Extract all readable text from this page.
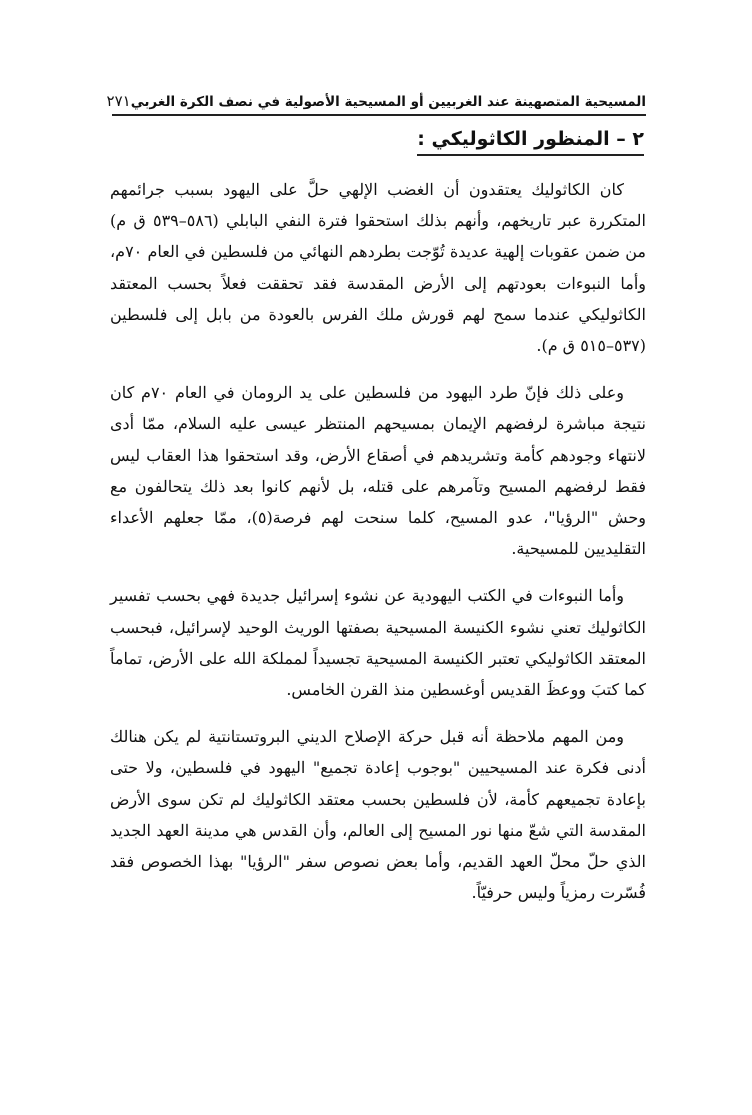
المسيحية المتصهينة عند الغربيين أو المسيحية الأصولية في نصف الكرة الغربي
٢٧١
٢ – المنظور الكاثوليكي :

كان الكاثوليك يعتقدون أن الغضب الإلهي حلَّ على اليهود بسبب جرائمهم المتكررة عبر تاريخهم، وأنهم بذلك استحقوا فترة النفي البابلي (٥٨٦–٥٣٩ ق م) من ضمن عقوبات إلهية عديدة تُوّجت بطردهم النهائي من فلسطين في العام ٧٠م، وأما النبوءات بعودتهم إلى الأرض المقدسة فقد تحققت فعلاً بحسب المعتقد الكاثوليكي عندما سمح لهم قورش ملك الفرس بالعودة من بابل إلى فلسطين (٥٣٧–٥١٥ ق م).

وعلى ذلك فإنّ طرد اليهود من فلسطين على يد الرومان في العام ٧٠م كان نتيجة مباشرة لرفضهم الإيمان بمسيحهم المنتظر عيسى عليه السلام، ممّا أدى لانتهاء وجودهم كأمة وتشريدهم في أصقاع الأرض، وقد استحقوا هذا العقاب ليس فقط لرفضهم المسيح وتآمرهم على قتله، بل لأنهم كانوا بعد ذلك يتحالفون مع وحش "الرؤيا"، عدو المسيح، كلما سنحت لهم فرصة(٥)، ممّا جعلهم الأعداء التقليديين للمسيحية.

وأما النبوءات في الكتب اليهودية عن نشوء إسرائيل جديدة فهي بحسب تفسير الكاثوليك تعني نشوء الكنيسة المسيحية بصفتها الوريث الوحيد لإسرائيل، فبحسب المعتقد الكاثوليكي تعتبر الكنيسة المسيحية تجسيداً لمملكة الله على الأرض، تماماً كما كتبَ ووعظَ القديس أوغسطين منذ القرن الخامس.

ومن المهم ملاحظة أنه قبل حركة الإصلاح الديني البروتستانتية لم يكن هنالك أدنى فكرة عند المسيحيين "بوجوب إعادة تجميع" اليهود في فلسطين، ولا حتى بإعادة تجميعهم كأمة، لأن فلسطين بحسب معتقد الكاثوليك لم تكن سوى الأرض المقدسة التي شعّ منها نور المسيح إلى العالم، وأن القدس هي مدينة العهد الجديد الذي حلّ محلّ العهد القديم، وأما بعض نصوص سفر "الرؤيا" بهذا الخصوص فقد فُسّرت رمزياً وليس حرفيّاً.
